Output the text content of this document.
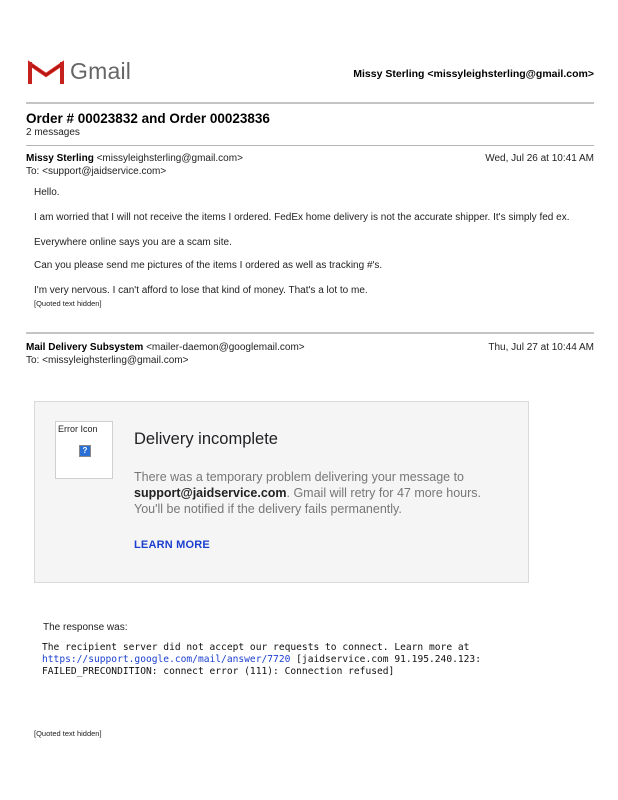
Gmail	Missy Sterling <missyleighsterling@gmail.com>
Order # 00023832 and Order 00023836
2 messages
Missy Sterling <missyleighsterling@gmail.com>	Wed, Jul 26 at 10:41 AM
To: <support@jaidservice.com>

Hello.

I am worried that I will not receive the items I ordered. FedEx home delivery is not the accurate shipper. It's simply fed ex.

Everywhere online says you are a scam site.

Can you please send me pictures of the items I ordered as well as tracking #'s.

I'm very nervous. I can't afford to lose that kind of money. That's a lot to me.

[Quoted text hidden]

Mail Delivery Subsystem <mailer-daemon@googlemail.com>	Thu, Jul 27 at 10:44 AM
To: <missyleighsterling@gmail.com>
Error Icon
?
Delivery incomplete
There was a temporary problem delivering your message to support@jaidservice.com. Gmail will retry for 47 more hours. You'll be notified if the delivery fails permanently.
LEARN MORE
The response was:
The recipient server did not accept our requests to connect. Learn more at
https://support.google.com/mail/answer/7720 [jaidservice.com 91.195.240.123:
FAILED_PRECONDITION: connect error (111): Connection refused]
[Quoted text hidden]
